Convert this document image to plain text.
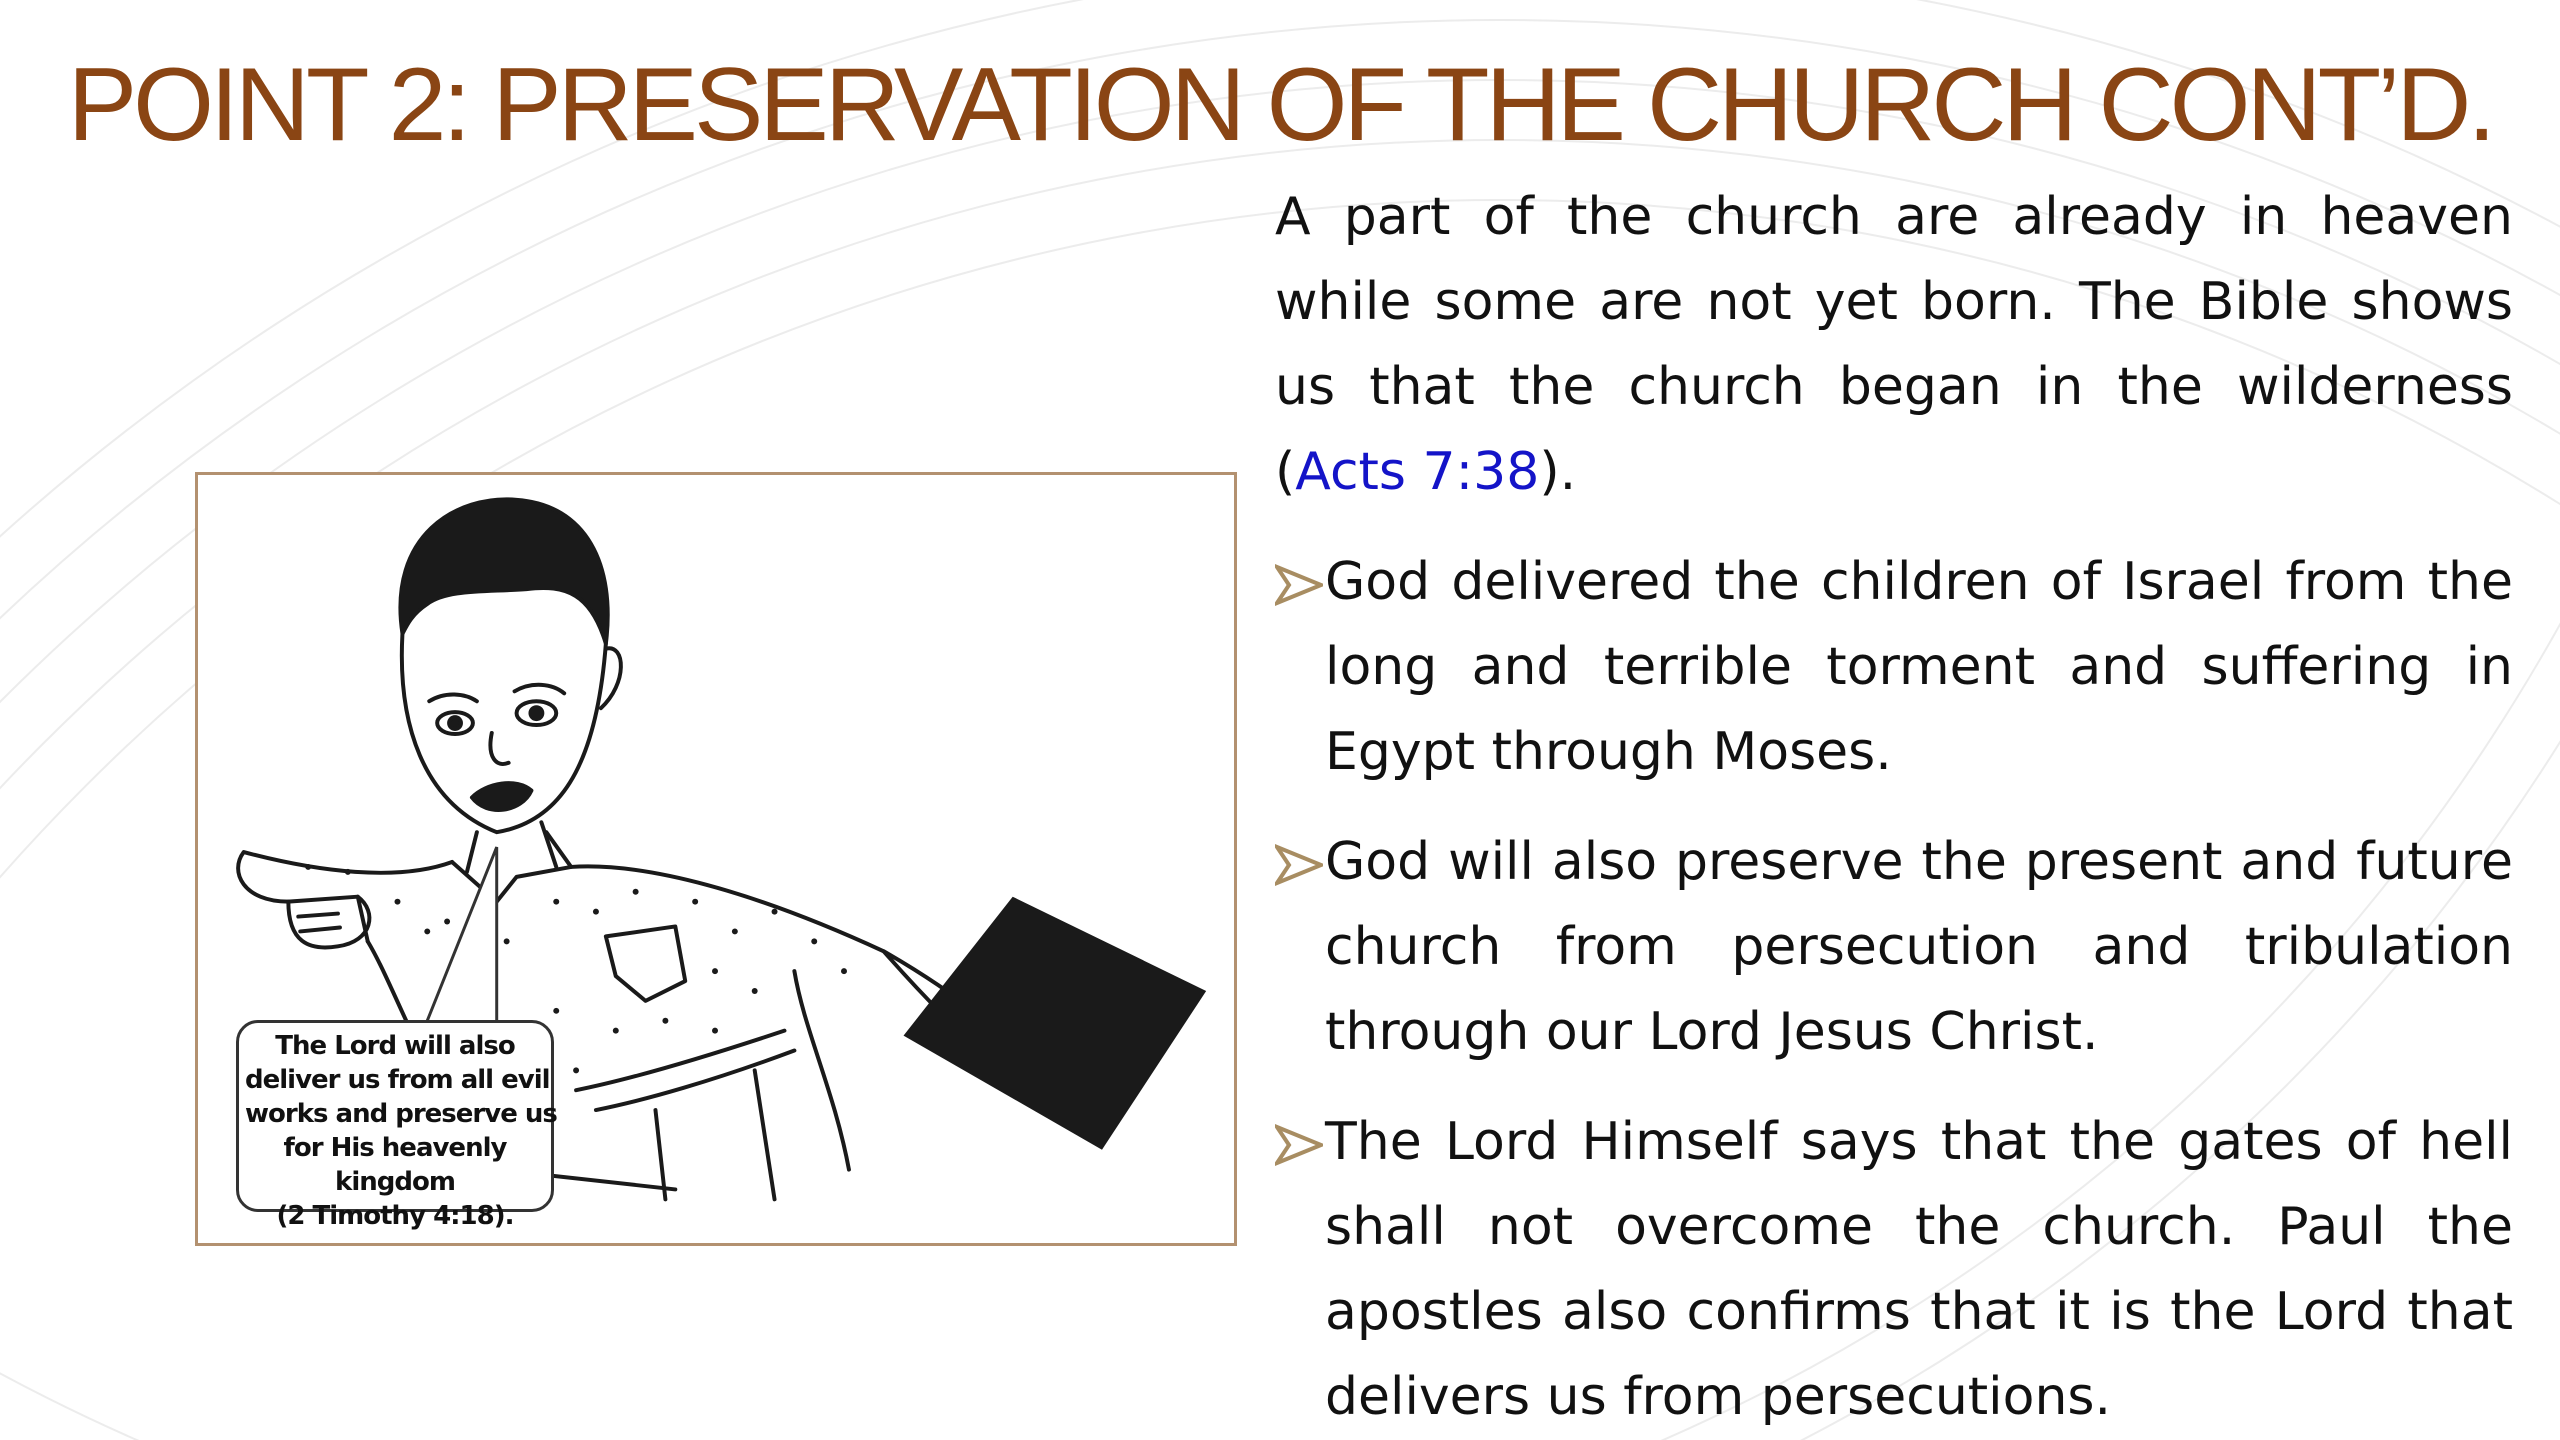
POINT 2: PRESERVATION OF THE CHURCH CONT’D.
The Lord will also
deliver us from all evil
works and preserve us
for His heavenly
kingdom
(2 Timothy 4:18).

A part of the church are already in heaven while some are not yet born. The Bible shows us that the church began in the wilderness (Acts 7:38).

God delivered the children of Israel from the long and terrible torment and suffering in Egypt through Moses.
God will also preserve the present and future church from persecution and tribulation through our Lord Jesus Christ.
The Lord Himself says that the gates of hell shall not overcome the church. Paul the apostles also confirms that it is the Lord that delivers us from persecutions.
